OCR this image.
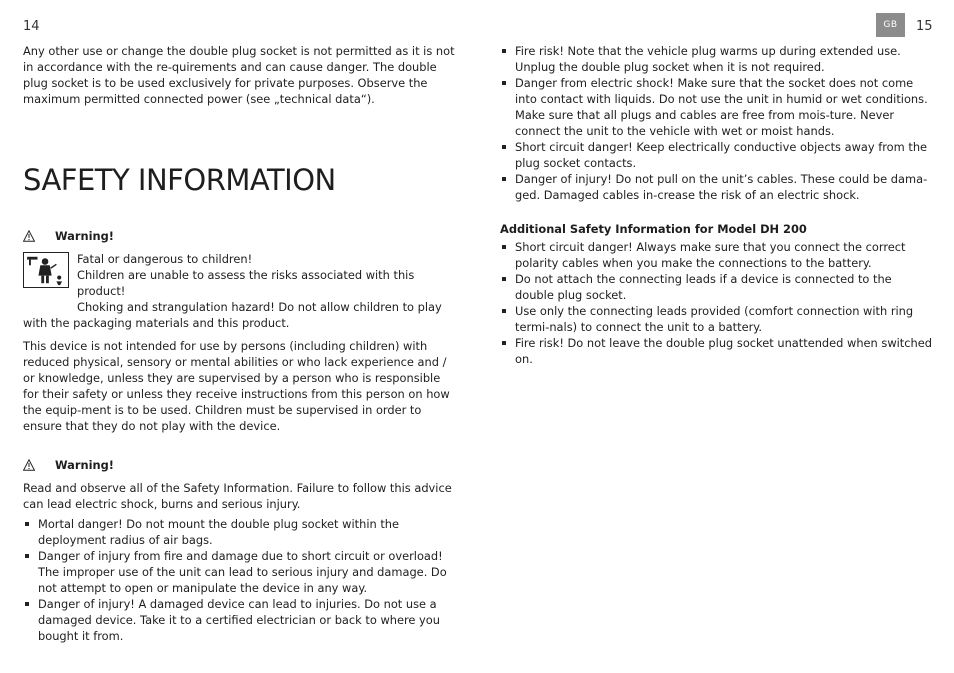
14	GB	15

Any other use or change the double plug socket is not permitted as it is not in accordance with the re-quirements and can cause danger. The double plug socket is to be used exclusively for private purposes. Observe the maximum permitted connected power (see „technical data“).

SAFETY INFORMATION
Warning!
Fatal or dangerous to children!
Children are unable to assess the risks associated with this product!
Choking and strangulation hazard! Do not allow children to play
with the packaging materials and this product.

This device is not intended for use by persons (including children) with reduced physical, sensory or mental abilities or who lack experience and / or knowledge, unless they are supervised by a person who is responsible for their safety or unless they receive instructions from this person on how the equip-ment is to be used. Children must be supervised in order to ensure that they do not play with the device.

Warning!

Read and observe all of the Safety Information. Failure to follow this advice can lead electric shock, burns and serious injury.

Mortal danger! Do not mount the double plug socket within the deployment radius of air bags.
Danger of injury from fire and damage due to short circuit or overload! The improper use of the unit can lead to serious injury and damage. Do not attempt to open or manipulate the device in any way.
Danger of injury! A damaged device can lead to injuries. Do not use a damaged device. Take it to a certified electrician or back to where you bought it from.
Fire risk! Note that the vehicle plug warms up during extended use. Unplug the double plug socket when it is not required.
Danger from electric shock! Make sure that the socket does not come into contact with liquids. Do not use the unit in humid or wet conditions. Make sure that all plugs and cables are free from mois-ture. Never connect the unit to the vehicle with wet or moist hands.
Short circuit danger! Keep electrically conductive objects away from the plug socket contacts.
Danger of injury! Do not pull on the unit’s cables. These could be dama-ged. Damaged cables in-crease the risk of an electric shock.
Additional Safety Information for Model DH 200
Short circuit danger! Always make sure that you connect the correct polarity cables when you make the connections to the battery.
Do not attach the connecting leads if a device is connected to the double plug socket.
Use only the connecting leads provided (comfort connection with ring termi-nals) to connect the unit to a battery.
Fire risk! Do not leave the double plug socket unattended when switched on.
